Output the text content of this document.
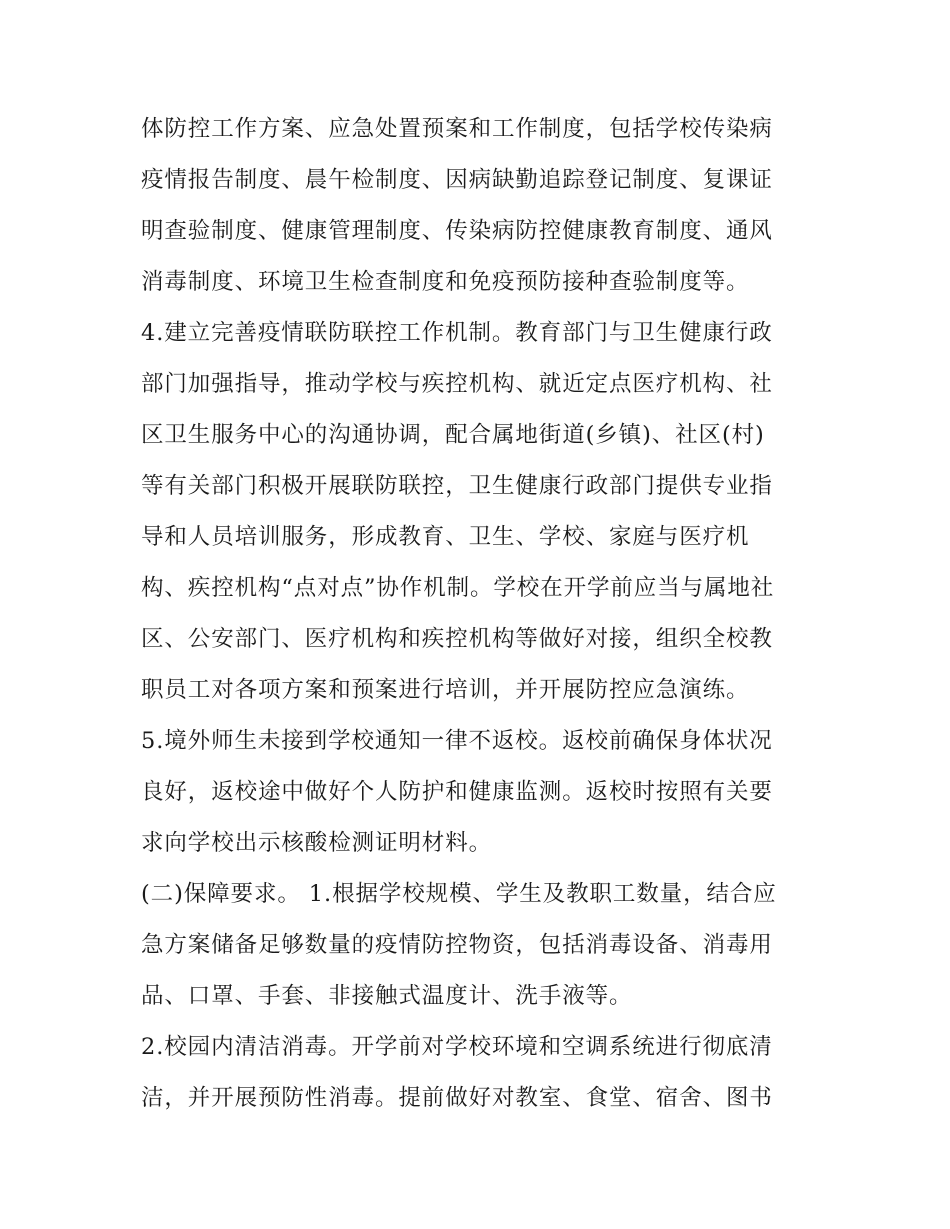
体防控工作方案、应急处置预案和工作制度，包括学校传染病
疫情报告制度、晨午检制度、因病缺勤追踪登记制度、复课证
明查验制度、健康管理制度、传染病防控健康教育制度、通风
消毒制度、环境卫生检查制度和免疫预防接种查验制度等。
4.建立完善疫情联防联控工作机制。教育部门与卫生健康行政
部门加强指导，推动学校与疾控机构、就近定点医疗机构、社
区卫生服务中心的沟通协调，配合属地街道(乡镇)、社区(村)
等有关部门积极开展联防联控，卫生健康行政部门提供专业指
导和人员培训服务，形成教育、卫生、学校、家庭与医疗机
构、疾控机构“点对点”协作机制。学校在开学前应当与属地社
区、公安部门、医疗机构和疾控机构等做好对接，组织全校教
职员工对各项方案和预案进行培训，并开展防控应急演练。
5.境外师生未接到学校通知一律不返校。返校前确保身体状况
良好，返校途中做好个人防护和健康监测。返校时按照有关要
求向学校出示核酸检测证明材料。
(二)保障要求。 1.根据学校规模、学生及教职工数量，结合应
急方案储备足够数量的疫情防控物资，包括消毒设备、消毒用
品、口罩、手套、非接触式温度计、洗手液等。
2.校园内清洁消毒。开学前对学校环境和空调系统进行彻底清
洁，并开展预防性消毒。提前做好对教室、食堂、宿舍、图书
